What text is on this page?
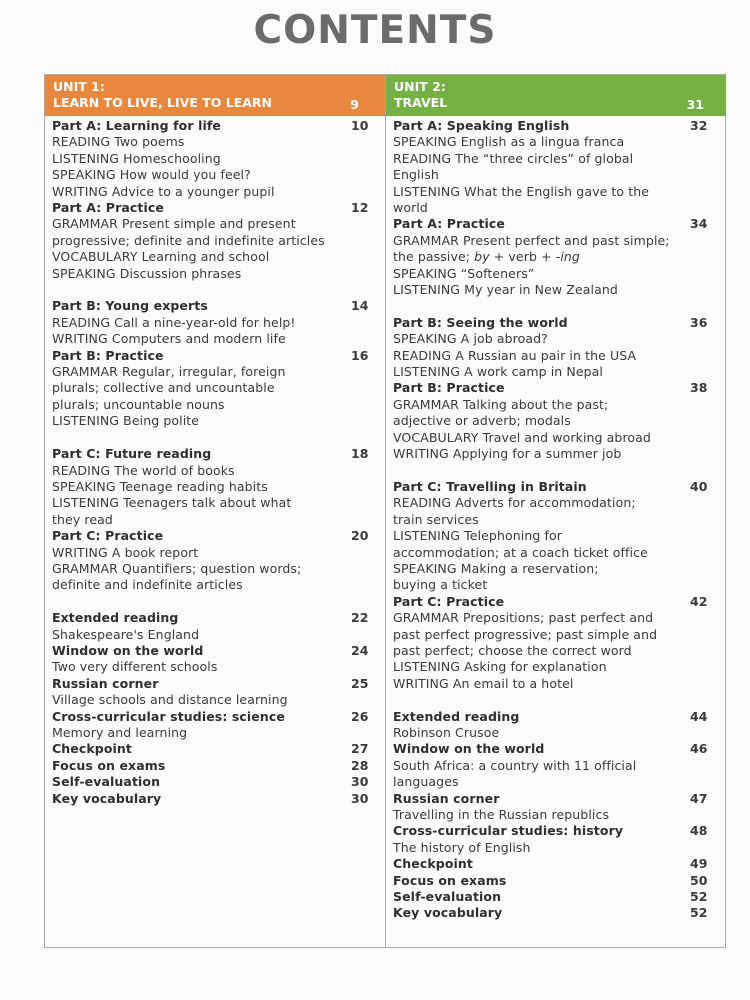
CONTENTS
UNIT 1:
LEARN TO LIVE, LIVE TO LEARN	9
Part A: Learning for life	10
READING Two poems
LISTENING Homeschooling
SPEAKING How would you feel?
WRITING Advice to a younger pupil
Part A: Practice	12
GRAMMAR Present simple and present
progressive; definite and indefinite articles
VOCABULARY Learning and school
SPEAKING Discussion phrases
Part B: Young experts	14
READING Call a nine-year-old for help!
WRITING Computers and modern life
Part B: Practice	16
GRAMMAR Regular, irregular, foreign
plurals; collective and uncountable
plurals; uncountable nouns
LISTENING Being polite
Part C: Future reading	18
READING The world of books
SPEAKING Teenage reading habits
LISTENING Teenagers talk about what
they read
Part C: Practice	20
WRITING A book report
GRAMMAR Quantifiers; question words;
definite and indefinite articles
Extended reading	22
Shakespeare's England
Window on the world	24
Two very different schools
Russian corner	25
Village schools and distance learning
Cross-curricular studies: science	26
Memory and learning
Checkpoint	27
Focus on exams	28
Self-evaluation	30
Key vocabulary	30
UNIT 2:
TRAVEL	31
Part A: Speaking English	32
SPEAKING English as a lingua franca
READING The “three circles” of global
English
LISTENING What the English gave to the
world
Part A: Practice	34
GRAMMAR Present perfect and past simple;
the passive; by + verb + -ing
SPEAKING “Softeners”
LISTENING My year in New Zealand
Part B: Seeing the world	36
SPEAKING A job abroad?
READING A Russian au pair in the USA
LISTENING A work camp in Nepal
Part B: Practice	38
GRAMMAR Talking about the past;
adjective or adverb; modals
VOCABULARY Travel and working abroad
WRITING Applying for a summer job
Part C: Travelling in Britain	40
READING Adverts for accommodation;
train services
LISTENING Telephoning for
accommodation; at a coach ticket office
SPEAKING Making a reservation;
buying a ticket
Part C: Practice	42
GRAMMAR Prepositions; past perfect and
past perfect progressive; past simple and
past perfect; choose the correct word
LISTENING Asking for explanation
WRITING An email to a hotel
Extended reading	44
Robinson Crusoe
Window on the world	46
South Africa: a country with 11 official
languages
Russian corner	47
Travelling in the Russian republics
Cross-curricular studies: history	48
The history of English
Checkpoint	49
Focus on exams	50
Self-evaluation	52
Key vocabulary	52
